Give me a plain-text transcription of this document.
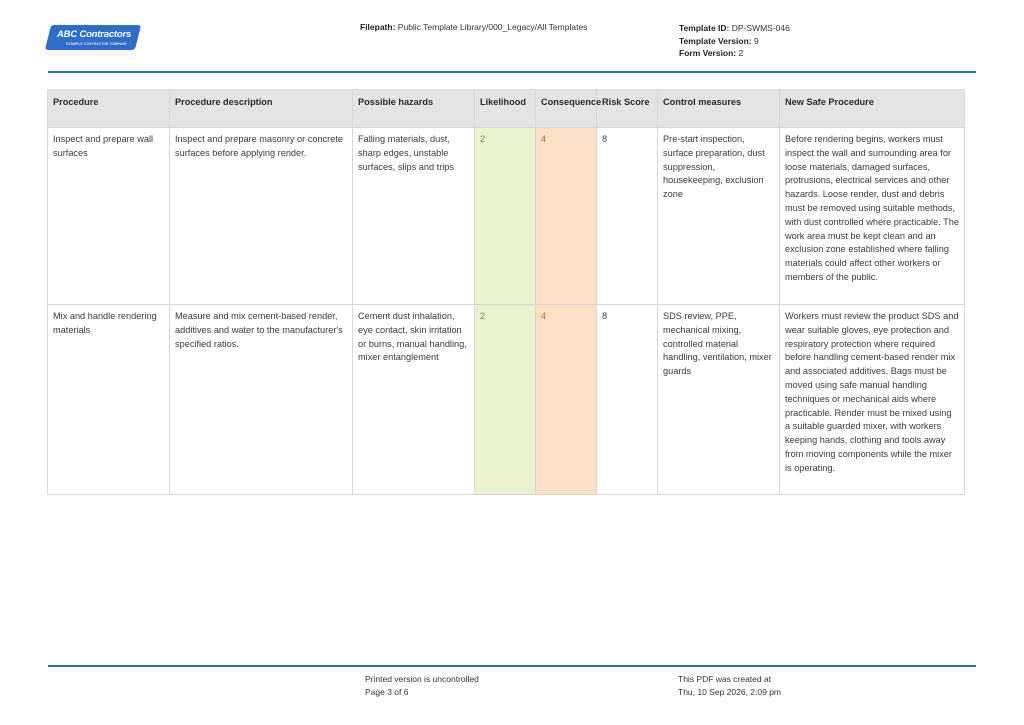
ABC Contractors
EXAMPLE CONTRACTOR COMPANY
Filepath: Public Template Library/000_Legacy/All Templates	Template ID: DP-SWMS-046
Template Version: 9
Form Version: 2
Procedure	Procedure description	Possible hazards	Likelihood	Consequence	Risk Score	Control measures	New Safe Procedure
Inspect and prepare wall surfaces	Inspect and prepare masonry or concrete surfaces before applying render.	Falling materials, dust, sharp edges, unstable surfaces, slips and trips	2	4	8	Pre-start inspection, surface preparation, dust suppression, housekeeping, exclusion zone	Before rendering begins, workers must inspect the wall and surrounding area for loose materials, damaged surfaces, protrusions, electrical services and other hazards. Loose render, dust and debris must be removed using suitable methods, with dust controlled where practicable. The work area must be kept clean and an exclusion zone established where falling materials could affect other workers or members of the public.
Mix and handle rendering materials	Measure and mix cement-based render, additives and water to the manufacturer's specified ratios.	Cement dust inhalation, eye contact, skin irritation or burns, manual handling, mixer entanglement	2	4	8	SDS review, PPE, mechanical mixing, controlled material handling, ventilation, mixer guards	Workers must review the product SDS and wear suitable gloves, eye protection and respiratory protection where required before handling cement-based render mix and associated additives. Bags must be moved using safe manual handling techniques or mechanical aids where practicable. Render must be mixed using a suitable guarded mixer, with workers keeping hands, clothing and tools away from moving components while the mixer is operating.
Printed version is uncontrolled
Page 3 of 6
This PDF was created at
Thu, 10 Sep 2026, 2:09 pm
